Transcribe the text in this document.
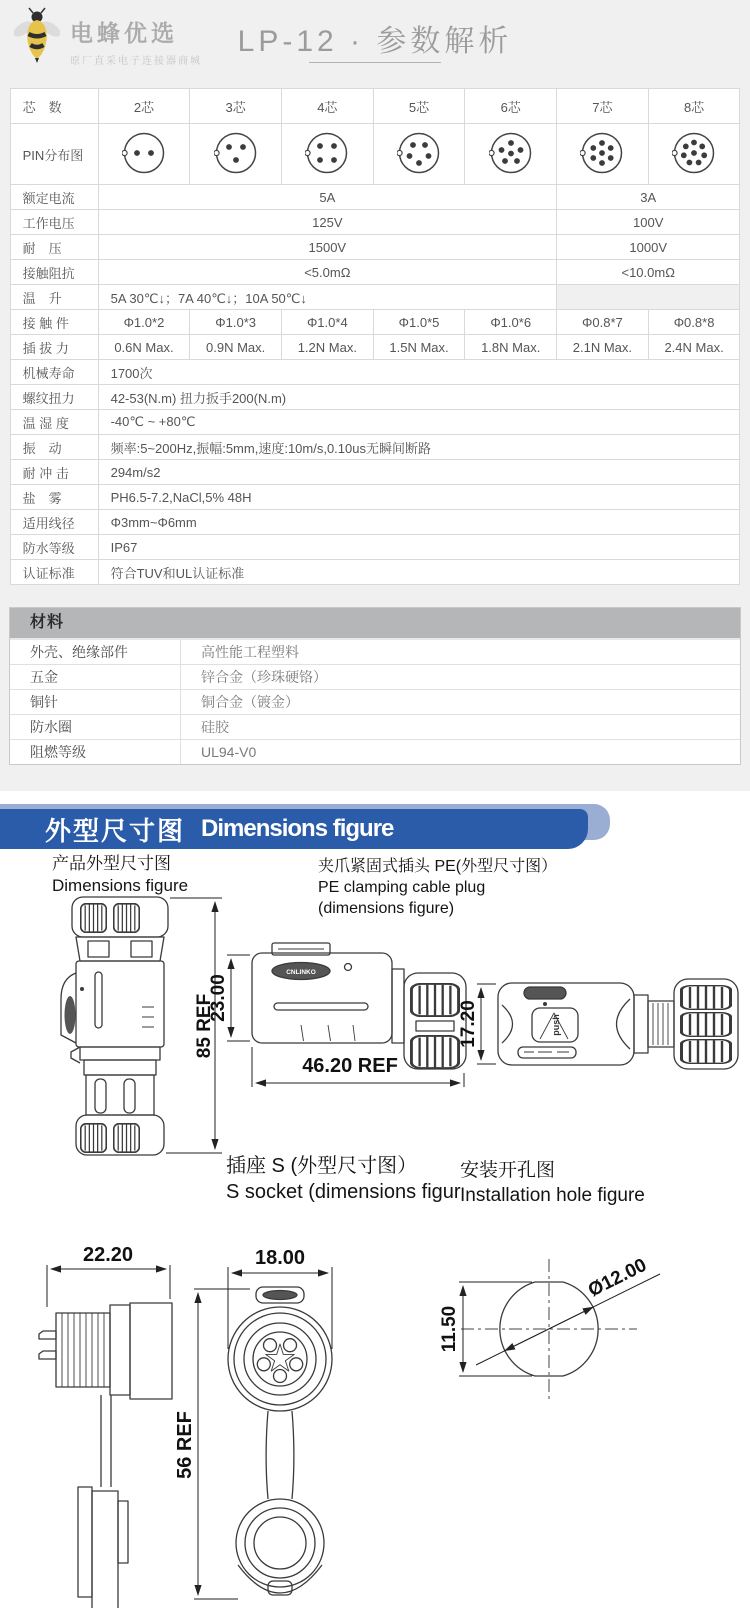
电蜂优选
原厂直采电子连接器商城
LP-12 · 参数解析
芯　数	2芯	3芯	4芯	5芯	6芯	7芯	8芯
PIN分布图							
额定电流	5A					3A	
工作电压	125V					100V	
耐　压	1500V					1000V	
接触阻抗	<5.0mΩ					<10.0mΩ	
温　升	5A 30℃↓；7A 40℃↓；10A 50℃↓						
接 触 件	Φ1.0*2	Φ1.0*3	Φ1.0*4	Φ1.0*5	Φ1.0*6	Φ0.8*7	Φ0.8*8
插 拔 力	0.6N Max.	0.9N Max.	1.2N Max.	1.5N Max.	1.8N Max.	2.1N Max.	2.4N Max.
机械寿命	1700次						
螺纹扭力	42-53(N.m) 扭力扳手200(N.m)						
温 湿 度	-40℃ ~ +80℃						
振　动	频率:5~200Hz,振幅:5mm,速度:10m/s,0.10us无瞬间断路						
耐 冲 击	294m/s2						
盐　雾	PH6.5-7.2,NaCl,5% 48H						
适用线径	Φ3mm~Φ6mm						
防水等级	IP67						
认证标准	符合TUV和UL认证标准						
材料
外壳、绝缘部件	高性能工程塑料
五金	锌合金（珍珠硬铬）
铜针	铜合金（镀金）
防水圈	硅胶
阻燃等级	UL94-V0
外型尺寸图 Dimensions figure
产品外型尺寸图
Dimensions figure
夹爪紧固式插头 PE(外型尺寸图）
PE clamping cable plug
(dimensions figure)
插座 S (外型尺寸图）
S socket (dimensions figur
安装开孔图
Installation hole figure
85 REF
CNLINKO
23.00
46.20 REF
push
17.20
22.20	18.00
56 REF
11.50
Ø12.00
